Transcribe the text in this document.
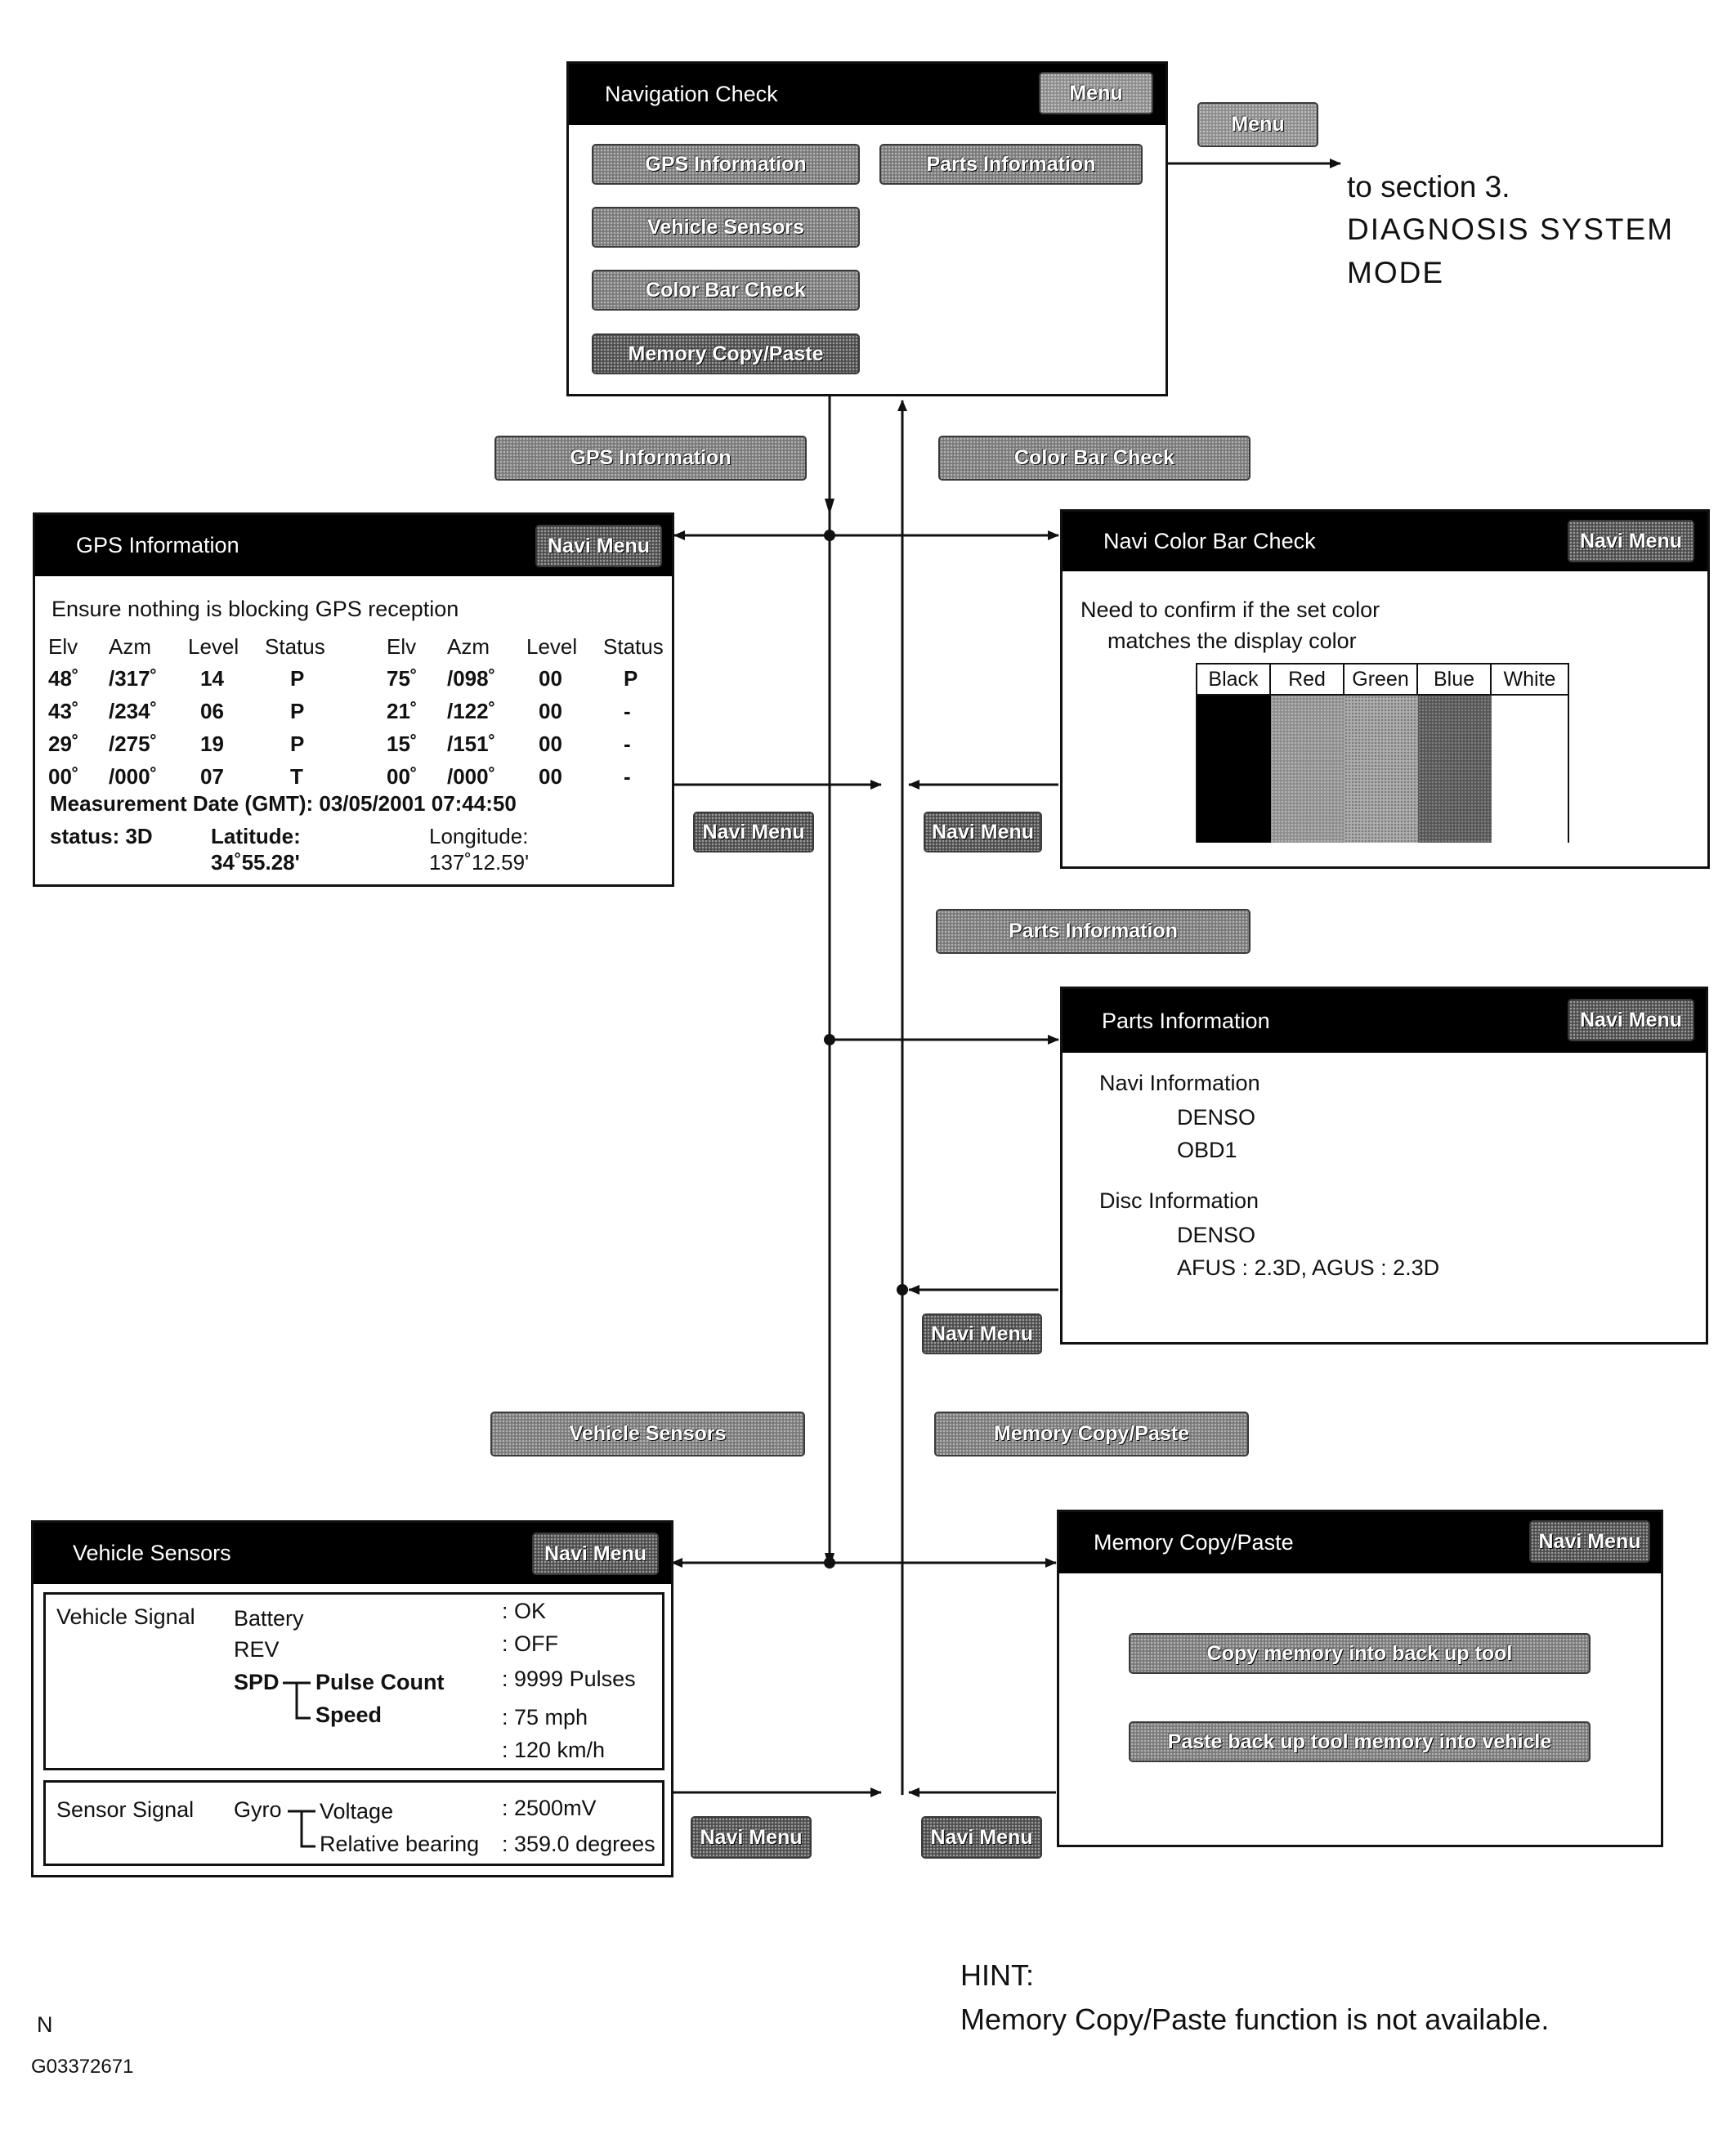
Navigation Check	Menu
GPS Information	Parts Information
Vehicle Sensors
Color Bar Check
Memory Copy/Paste
Menu
to section 3.
DIAGNOSIS SYSTEM
MODE
GPS Information	Color Bar Check
Parts Information
Vehicle Sensors	Memory Copy/Paste
Navi Menu	Navi Menu
Navi Menu
Navi Menu	Navi Menu
GPS Information	Navi Menu
Ensure nothing is blocking GPS reception
Elv	Azm	Level	Status	Elv	Azm	Level	Status
48˚	/317˚	14	P	75˚	/098˚	00	P
43˚	/234˚	06	P	21˚	/122˚	00	-
29˚	/275˚	19	P	15˚	/151˚	00	-
00˚	/000˚	07	T	00˚	/000˚	00	-
Measurement Date (GMT): 03/05/2001 07:44:50
status: 3D	Latitude:
34˚55.28'
Longitude:
137˚12.59'
Navi Color Bar Check	Navi Menu
Need to confirm if the set color
matches the display color
Black	Red	Green	Blue	White
Parts Information	Navi Menu
Navi Information
DENSO
OBD1
Disc Information
DENSO
AFUS : 2.3D, AGUS : 2.3D
Vehicle Sensors	Navi Menu
Vehicle Signal Battery	: OK
REV	: OFF
SPD Pulse Count	: 9999 Pulses
Speed	: 75 mph
: 120 km/h
Sensor Signal Gyro Voltage	: 2500mV
Relative bearing : 359.0 degrees
Memory Copy/Paste	Navi Menu
Copy memory into back up tool
Paste back up tool memory into vehicle
HINT:
Memory Copy/Paste function is not available.
N
G03372671
